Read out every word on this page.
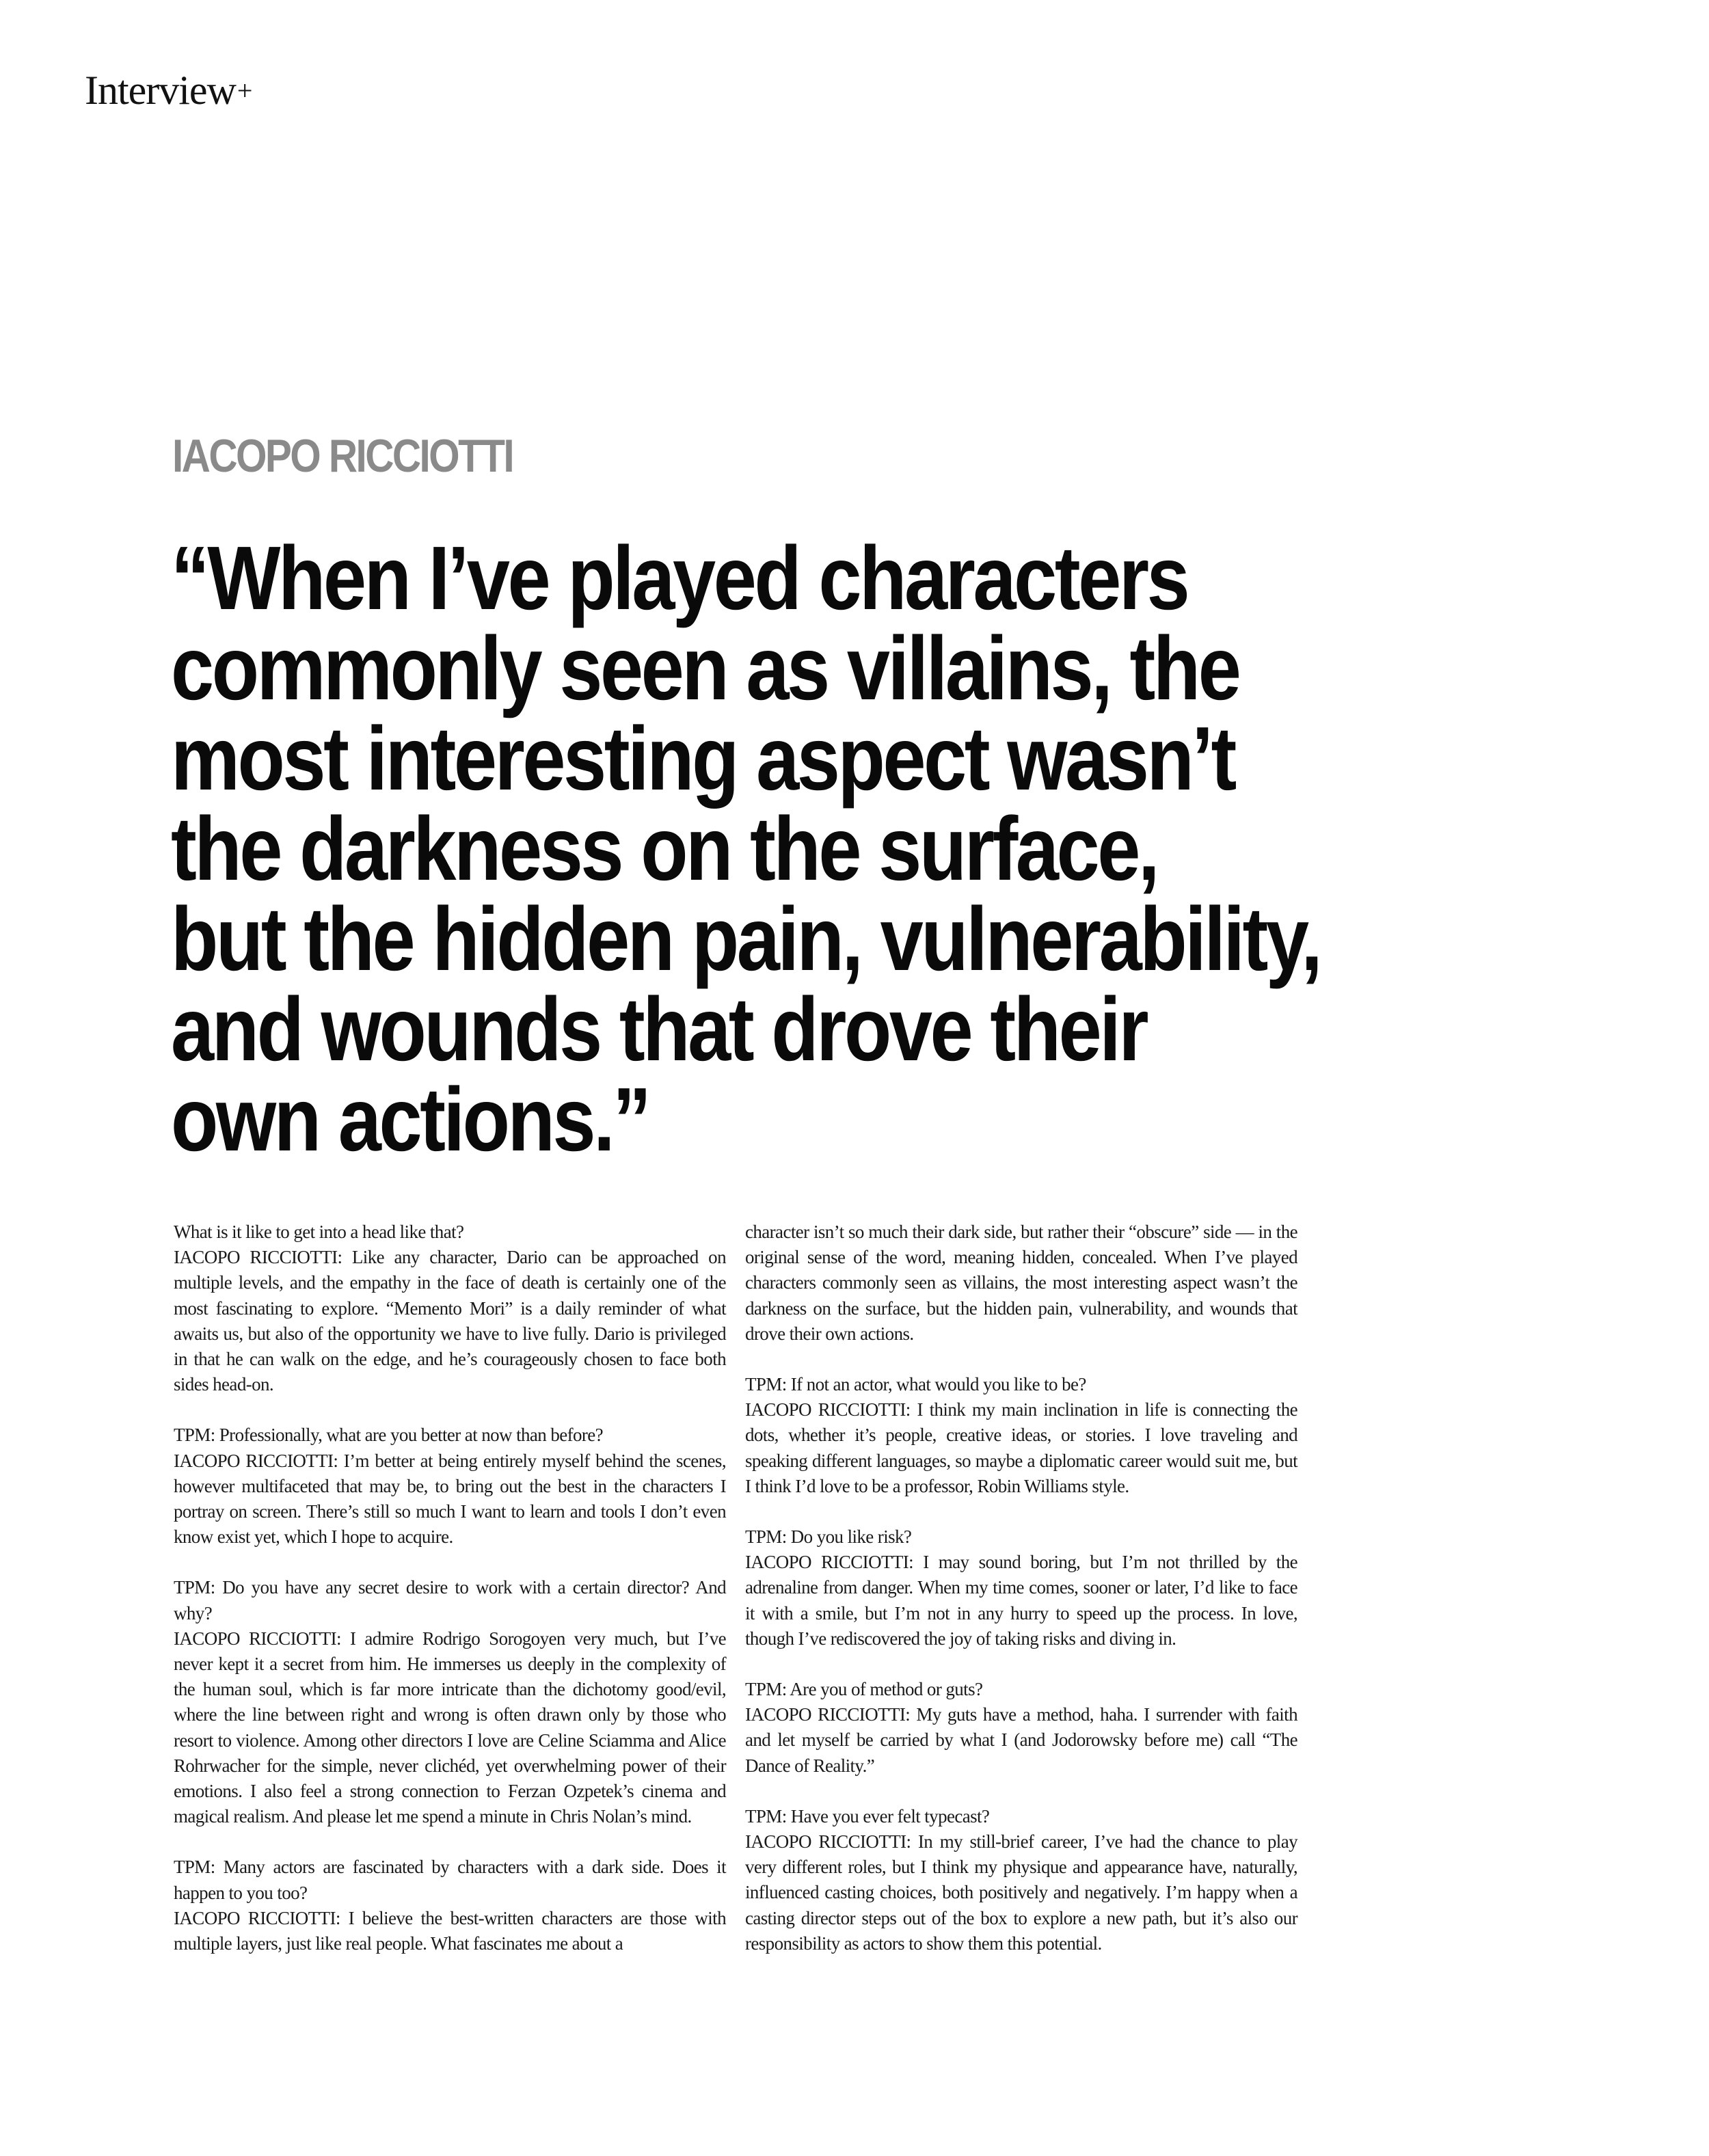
Interview+
IACOPO RICCIOTTI
“When I’ve played characters
commonly seen as villains, the
most interesting aspect wasn’t
the darkness on the surface,
but the hidden pain, vulnerability,
and wounds that drove their
own actions.”

What is it like to get into a head like that?

IACOPO RICCIOTTI: Like any character, Dario can be approached on multiple levels, and the empathy in the face of death is certainly one of the most fascinating to explore. “Memento Mori” is a daily reminder of what awaits us, but also of the opportunity we have to live fully. Dario is privileged in that he can walk on the edge, and he’s courageously chosen to face both sides head-on.

TPM: Professionally, what are you better at now than before?

IACOPO RICCIOTTI: I’m better at being entirely myself behind the scenes, however multifaceted that may be, to bring out the best in the characters I portray on screen. There’s still so much I want to learn and tools I don’t even know exist yet, which I hope to acquire.

TPM: Do you have any secret desire to work with a certain director? And why?

IACOPO RICCIOTTI: I admire Rodrigo Sorogoyen very much, but I’ve never kept it a secret from him. He immerses us deeply in the complexity of the human soul, which is far more intricate than the dichotomy good/evil, where the line between right and wrong is often drawn only by those who resort to violence. Among other directors I love are Celine Sciamma and Alice Rohrwacher for the simple, never clichéd, yet overwhelming power of their emotions. I also feel a strong connection to Ferzan Ozpetek’s cinema and magical realism. And please let me spend a minute in Chris Nolan’s mind.

TPM: Many actors are fascinated by characters with a dark side. Does it happen to you too?

IACOPO RICCIOTTI: I believe the best-written characters are those with multiple layers, just like real people. What fascinates me about a

character isn’t so much their dark side, but rather their “obscure” side — in the original sense of the word, meaning hidden, concealed. When I’ve played characters commonly seen as villains, the most interesting aspect wasn’t the darkness on the surface, but the hidden pain, vulnerability, and wounds that drove their own actions.

TPM: If not an actor, what would you like to be?

IACOPO RICCIOTTI: I think my main inclination in life is connecting the dots, whether it’s people, creative ideas, or stories. I love traveling and speaking different languages, so maybe a diplomatic career would suit me, but I think I’d love to be a professor, Robin Williams style.

TPM: Do you like risk?

IACOPO RICCIOTTI: I may sound boring, but I’m not thrilled by the adrenaline from danger. When my time comes, sooner or later, I’d like to face it with a smile, but I’m not in any hurry to speed up the process. In love, though I’ve rediscovered the joy of taking risks and diving in.

TPM: Are you of method or guts?

IACOPO RICCIOTTI: My guts have a method, haha. I surrender with faith and let myself be carried by what I (and Jodorowsky before me) call “The Dance of Reality.”

TPM: Have you ever felt typecast?

IACOPO RICCIOTTI: In my still-brief career, I’ve had the chance to play very different roles, but I think my physique and appearance have, naturally, influenced casting choices, both positively and negatively. I’m happy when a casting director steps out of the box to explore a new path, but it’s also our responsibility as actors to show them this potential.
